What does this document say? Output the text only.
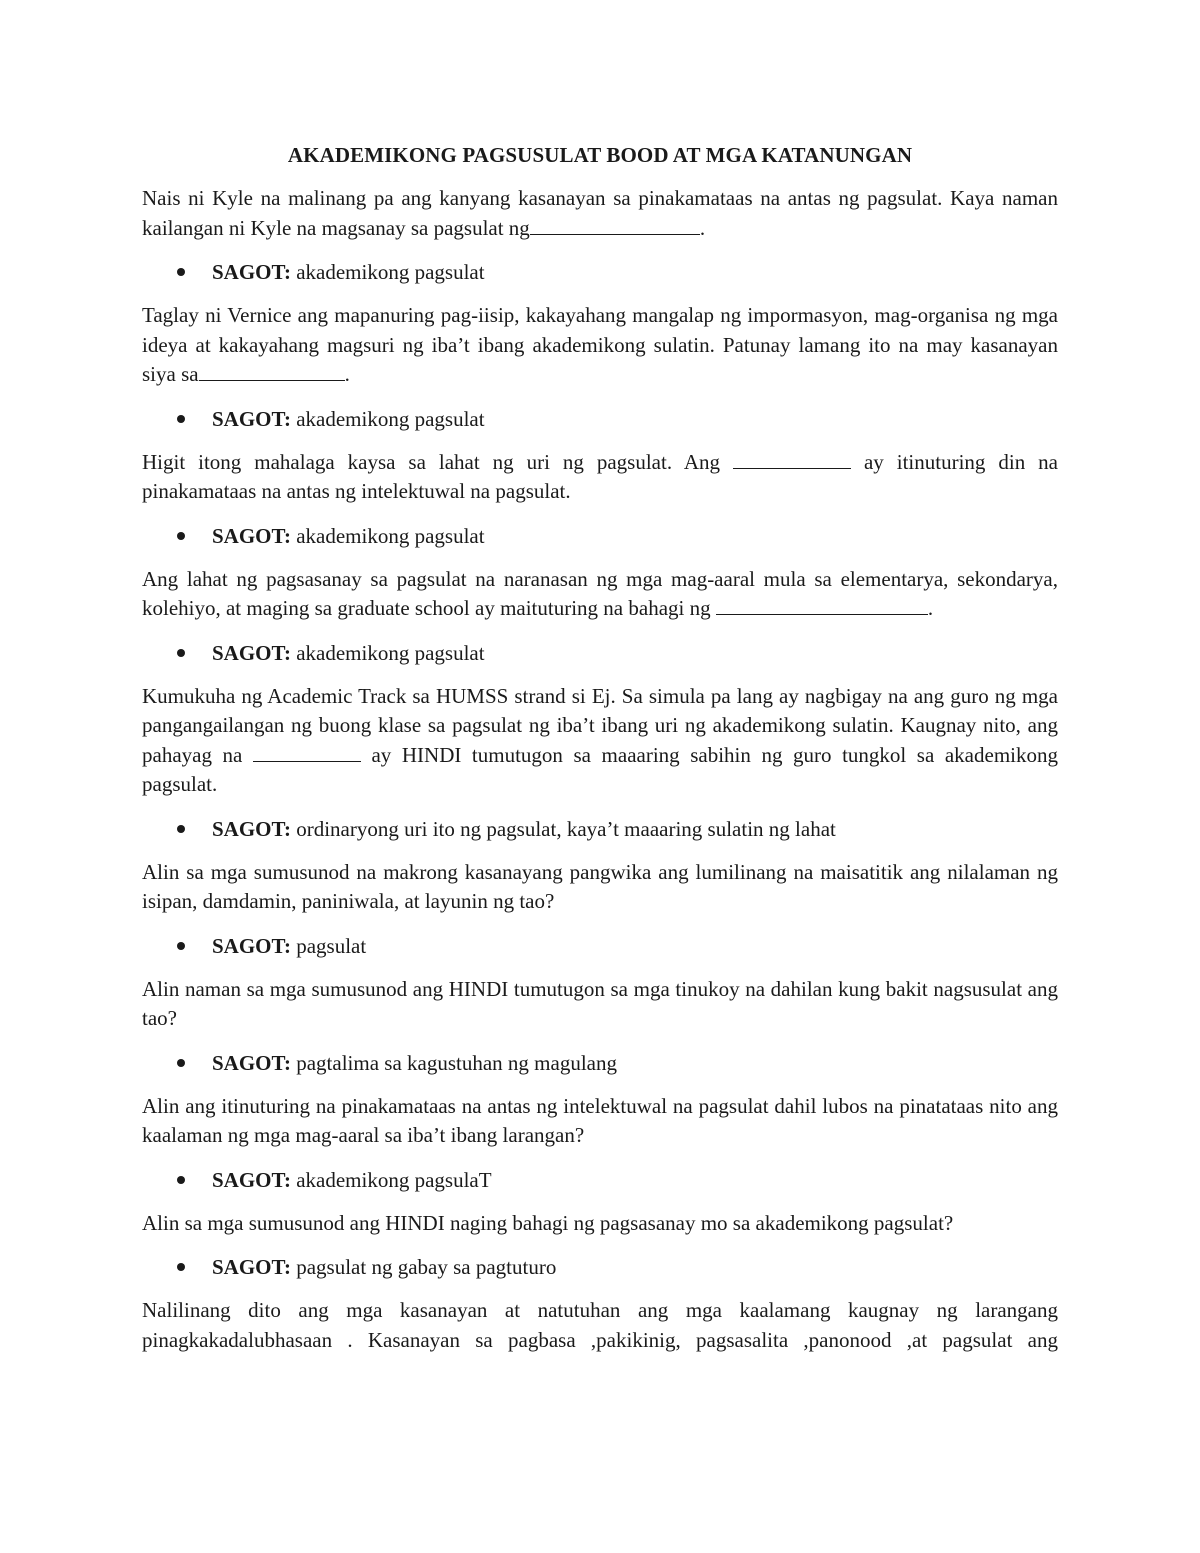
AKADEMIKONG PAGSUSULAT BOOD AT MGA KATANUNGAN
Nais ni Kyle na malinang pa ang kanyang kasanayan sa pinakamataas na antas ng pagsulat. Kaya naman kailangan ni Kyle na magsanay sa pagsulat ng	.
SAGOT: akademikong pagsulat
Taglay ni Vernice ang mapanuring pag-iisip, kakayahang mangalap ng impormasyon, mag-organisa ng mga ideya at kakayahang magsuri ng iba’t ibang akademikong sulatin. Patunay lamang ito na may kasanayan siya sa	.
SAGOT: akademikong pagsulat
Higit itong mahalaga kaysa sa lahat ng uri ng pagsulat. Ang	ay itinuturing din na pinakamataas na antas ng intelektuwal na pagsulat.
SAGOT: akademikong pagsulat
Ang lahat ng pagsasanay sa pagsulat na naranasan ng mga mag-aaral mula sa elementarya, sekondarya, kolehiyo, at maging sa graduate school ay maituturing na bahagi ng	.
SAGOT: akademikong pagsulat
Kumukuha ng Academic Track sa HUMSS strand si Ej. Sa simula pa lang ay nagbigay na ang guro ng mga pangangailangan ng buong klase sa pagsulat ng iba’t ibang uri ng akademikong sulatin. Kaugnay nito, ang pahayag na	ay HINDI tumutugon sa maaaring sabihin ng guro tungkol sa akademikong pagsulat.
SAGOT: ordinaryong uri ito ng pagsulat, kaya’t maaaring sulatin ng lahat
Alin sa mga sumusunod na makrong kasanayang pangwika ang lumilinang na maisatitik ang nilalaman ng isipan, damdamin, paniniwala, at layunin ng tao?
SAGOT: pagsulat
Alin naman sa mga sumusunod ang HINDI tumutugon sa mga tinukoy na dahilan kung bakit nagsusulat ang tao?
SAGOT: pagtalima sa kagustuhan ng magulang
Alin ang itinuturing na pinakamataas na antas ng intelektuwal na pagsulat dahil lubos na pinatataas nito ang kaalaman ng mga mag-aaral sa iba’t ibang larangan?
SAGOT: akademikong pagsulaT
Alin sa mga sumusunod ang HINDI naging bahagi ng pagsasanay mo sa akademikong pagsulat?
SAGOT: pagsulat ng gabay sa pagtuturo
Nalilinang dito ang mga kasanayan at natutuhan ang mga kaalamang kaugnay ng larangang pinagkakadalubhasaan . Kasanayan sa pagbasa ,pakikinig, pagsasalita ,panonood ,at pagsulat ang
